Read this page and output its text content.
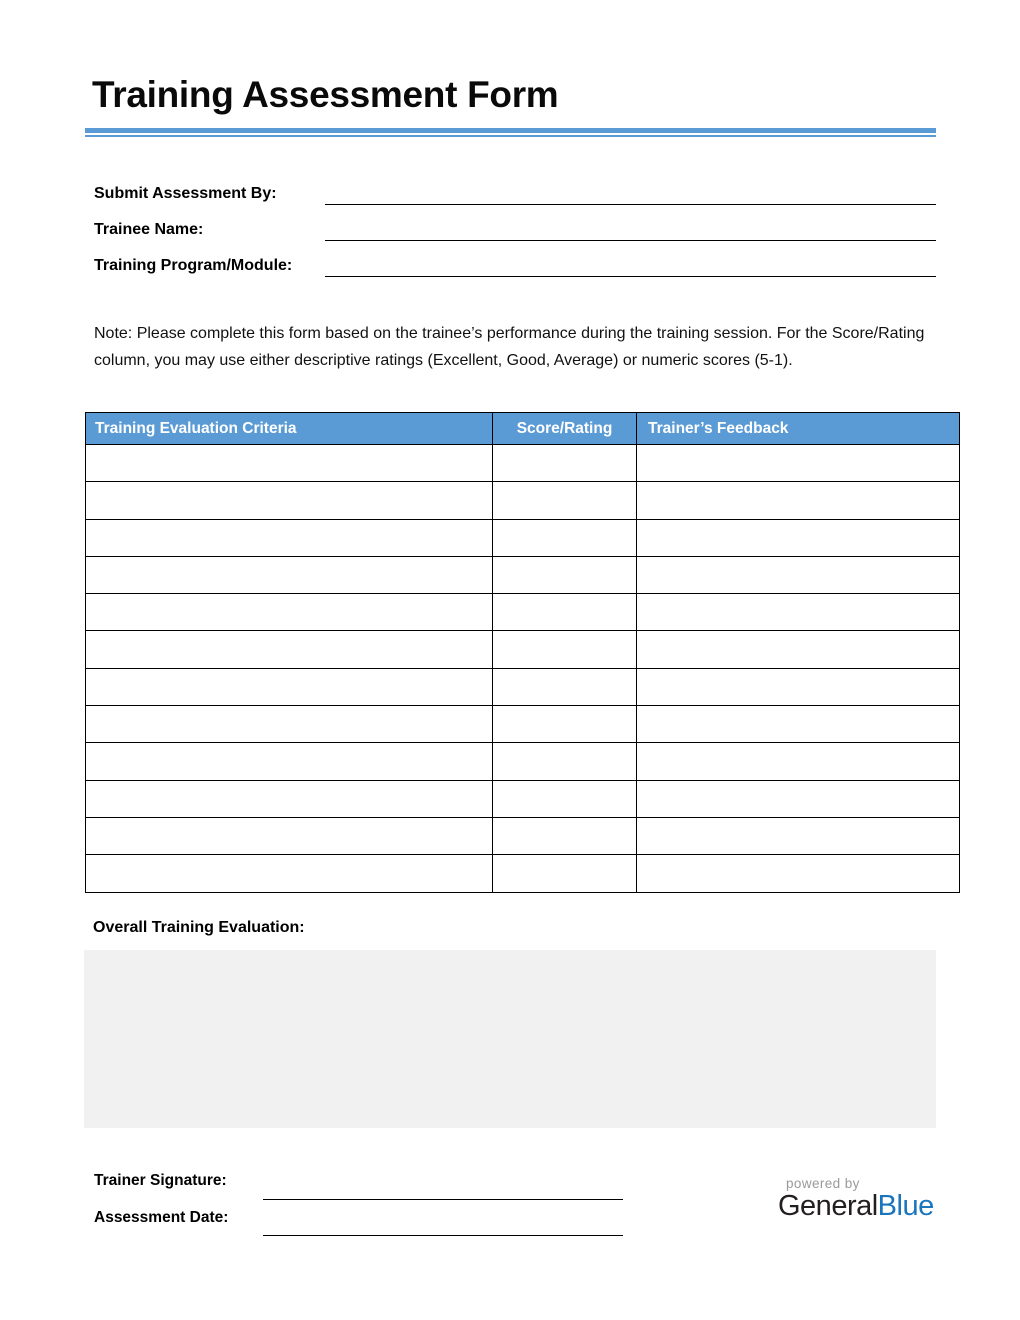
Training Assessment Form
Submit Assessment By:
Trainee Name:
Training Program/Module:

Note: Please complete this form based on the trainee’s performance during the training session. For the Score/Rating column, you may use either descriptive ratings (Excellent, Good, Average) or numeric scores (5-1).

Training Evaluation Criteria	Score/Rating	Trainer’s Feedback

Overall Training Evaluation:
Trainer Signature:
Assessment Date:
powered by
GeneralBlue
